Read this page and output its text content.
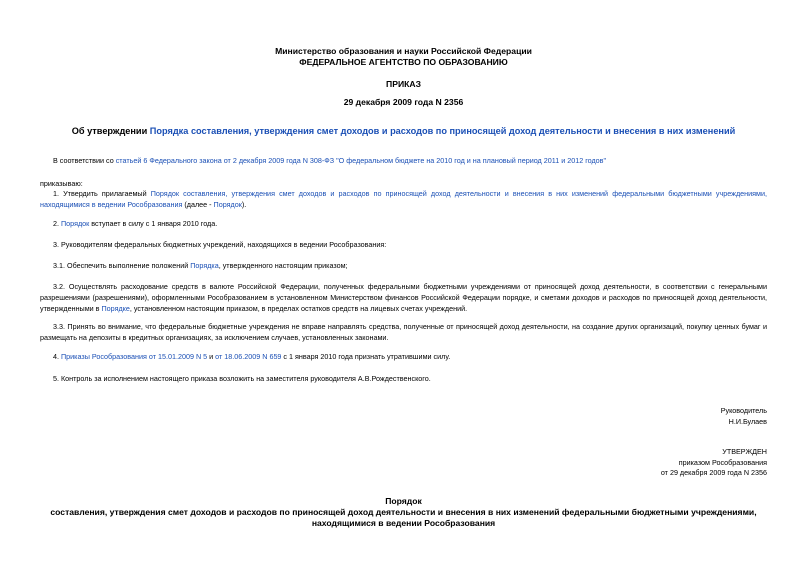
Министерство образования и науки Российской Федерации
ФЕДЕРАЛЬНОЕ АГЕНТСТВО ПО ОБРАЗОВАНИЮ
ПРИКАЗ
29 декабря 2009 года N 2356
Об утверждении Порядка составления, утверждения смет доходов и расходов по приносящей доход деятельности и внесения в них изменений
В соответствии со статьей 6 Федерального закона от 2 декабря 2009 года N 308-ФЗ "О федеральном бюджете на 2010 год и на плановый период 2011 и 2012 годов"
приказываю:
1. Утвердить прилагаемый Порядок составления, утверждения смет доходов и расходов по приносящей доход деятельности и внесения в них изменений федеральными бюджетными учреждениями, находящимися в ведении Рособразования (далее - Порядок).
2. Порядок вступает в силу с 1 января 2010 года.
3. Руководителям федеральных бюджетных учреждений, находящихся в ведении Рособразования:
3.1. Обеспечить выполнение положений Порядка, утвержденного настоящим приказом;
3.2. Осуществлять расходование средств в валюте Российской Федерации, полученных федеральными бюджетными учреждениями от приносящей доход деятельности, в соответствии с генеральными разрешениями (разрешениями), оформленными Рособразованием в установленном Министерством финансов Российской Федерации порядке, и сметами доходов и расходов по приносящей доход деятельности, утвержденными в Порядке, установленном настоящим приказом, в пределах остатков средств на лицевых счетах учреждений.
3.3. Принять во внимание, что федеральные бюджетные учреждения не вправе направлять средства, полученные от приносящей доход деятельности, на создание других организаций, покупку ценных бумаг и размещать на депозиты в кредитных организациях, за исключением случаев, установленных законами.
4. Приказы Рособразования от 15.01.2009 N 5 и от 18.06.2009 N 659 с 1 января 2010 года признать утратившими силу.
5. Контроль за исполнением настоящего приказа возложить на заместителя руководителя А.В.Рождественского.
Руководитель
Н.И.Булаев
УТВЕРЖДЕН
приказом Рособразования
от 29 декабря 2009 года N 2356
Порядок
составления, утверждения смет доходов и расходов по приносящей доход деятельности и внесения в них изменений федеральными бюджетными учреждениями,
находящимися в ведении Рособразования
